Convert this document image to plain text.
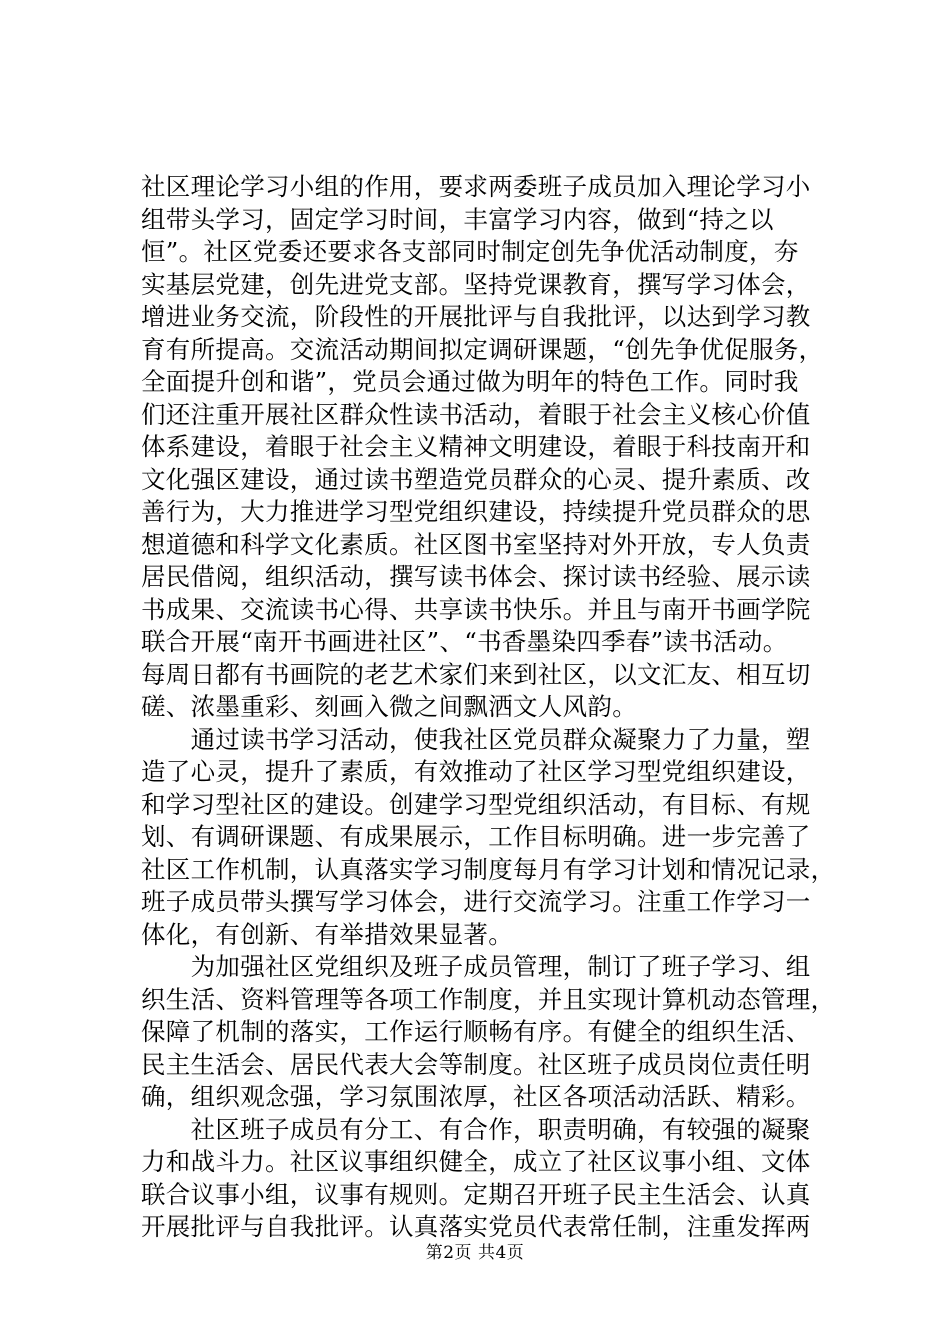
社区理论学习小组的作用，要求两委班子成员加入理论学习小
组带头学习，固定学习时间，丰富学习内容，做到“持之以
恒”。社区党委还要求各支部同时制定创先争优活动制度，夯
实基层党建，创先进党支部。坚持党课教育，撰写学习体会，
增进业务交流，阶段性的开展批评与自我批评，以达到学习教
育有所提高。交流活动期间拟定调研课题，“创先争优促服务，
全面提升创和谐”，党员会通过做为明年的特色工作。同时我
们还注重开展社区群众性读书活动，着眼于社会主义核心价值
体系建设，着眼于社会主义精神文明建设，着眼于科技南开和
文化强区建设，通过读书塑造党员群众的心灵、提升素质、改
善行为，大力推进学习型党组织建设，持续提升党员群众的思
想道德和科学文化素质。社区图书室坚持对外开放，专人负责
居民借阅，组织活动，撰写读书体会、探讨读书经验、展示读
书成果、交流读书心得、共享读书快乐。并且与南开书画学院
联合开展“南开书画进社区”、“书香墨染四季春”读书活动。
每周日都有书画院的老艺术家们来到社区，以文汇友、相互切
磋、浓墨重彩、刻画入微之间飘洒文人风韵。
　　通过读书学习活动，使我社区党员群众凝聚力了力量，塑
造了心灵，提升了素质，有效推动了社区学习型党组织建设，
和学习型社区的建设。创建学习型党组织活动，有目标、有规
划、有调研课题、有成果展示，工作目标明确。进一步完善了
社区工作机制，认真落实学习制度每月有学习计划和情况记录，
班子成员带头撰写学习体会，进行交流学习。注重工作学习一
体化，有创新、有举措效果显著。
　　为加强社区党组织及班子成员管理，制订了班子学习、组
织生活、资料管理等各项工作制度，并且实现计算机动态管理，
保障了机制的落实，工作运行顺畅有序。有健全的组织生活、
民主生活会、居民代表大会等制度。社区班子成员岗位责任明
确，组织观念强，学习氛围浓厚，社区各项活动活跃、精彩。
　　社区班子成员有分工、有合作，职责明确，有较强的凝聚
力和战斗力。社区议事组织健全，成立了社区议事小组、文体
联合议事小组，议事有规则。定期召开班子民主生活会、认真
开展批评与自我批评。认真落实党员代表常任制，注重发挥两
第2页 共4页
